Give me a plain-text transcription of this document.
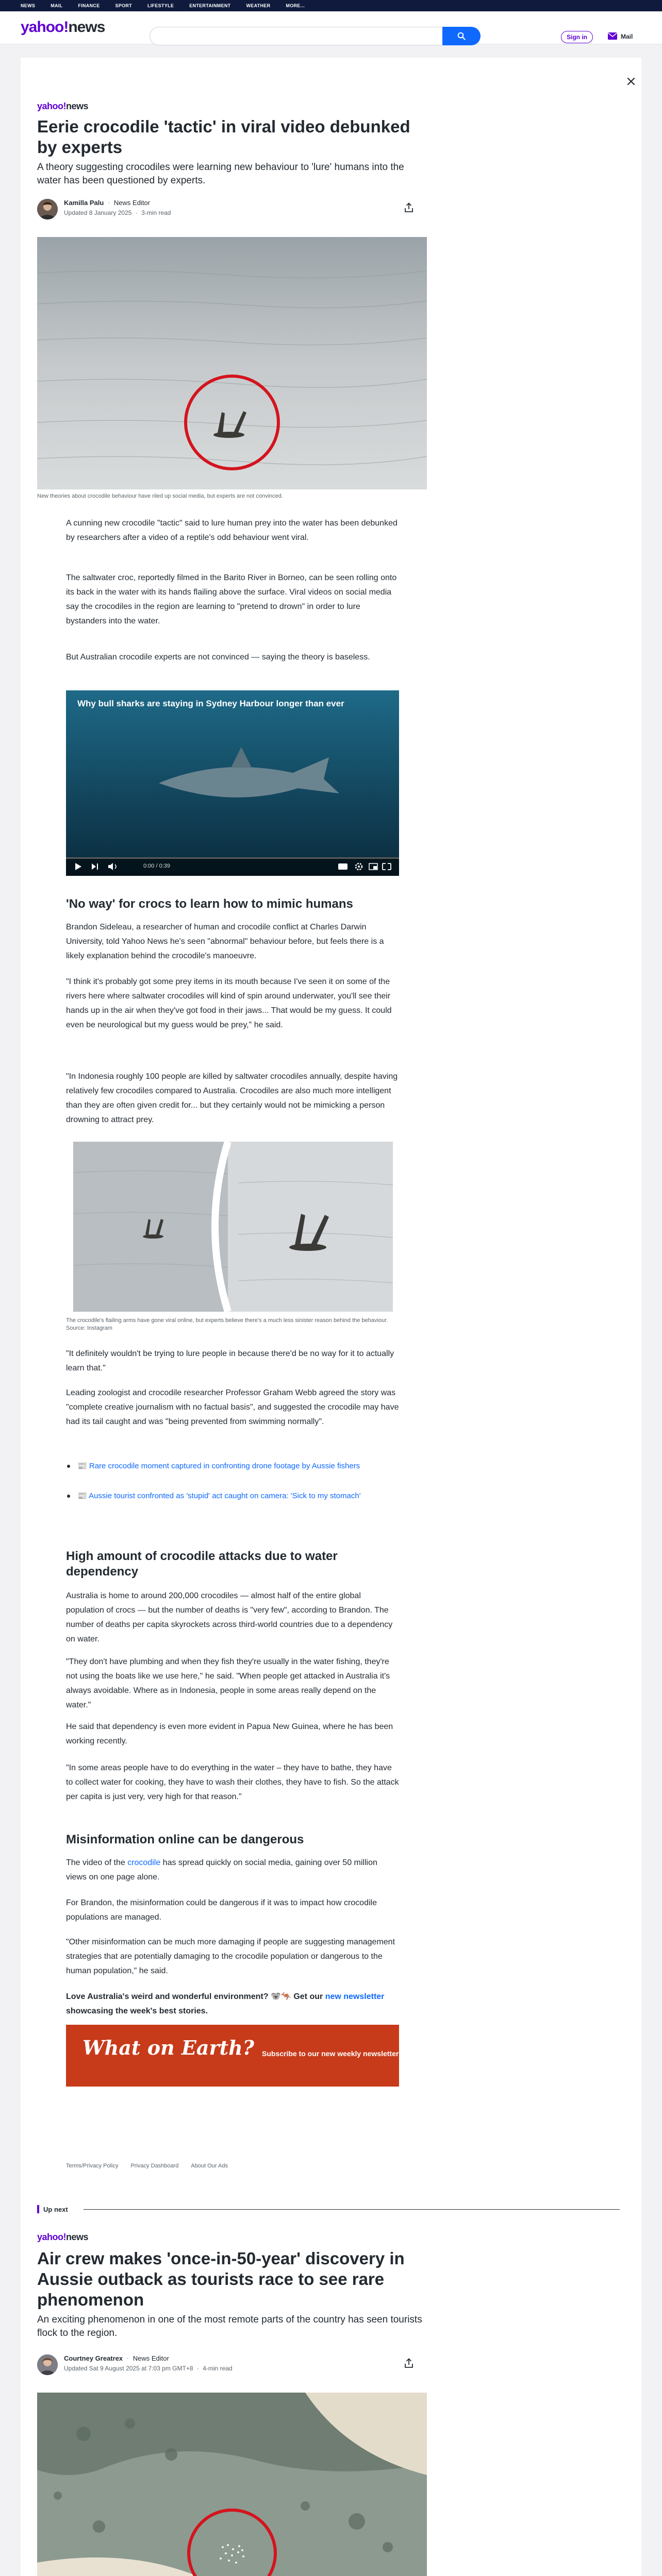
NEWS	MAIL	FINANCE	SPORT	LIFESTYLE	ENTERTAINMENT	WEATHER	MORE...
yahoo!news
Sign in	Mail
yahoo!news
Eerie crocodile 'tactic' in viral video debunked by experts
A theory suggesting crocodiles were learning new behaviour to 'lure' humans into the water has been questioned by experts.
Kamilla Palu · News Editor
Updated 8 January 2025 · 3-min read
New theories about crocodile behaviour have riled up social media, but experts are not convinced.

A cunning new crocodile "tactic" said to lure human prey into the water has been debunked by researchers after a video of a reptile's odd behaviour went viral.

The saltwater croc, reportedly filmed in the Barito River in Borneo, can be seen rolling onto its back in the water with its hands flailing above the surface. Viral videos on social media say the crocodiles in the region are learning to "pretend to drown" in order to lure bystanders into the water.

But Australian crocodile experts are not convinced — saying the theory is baseless.

Why bull sharks are staying in Sydney Harbour longer than ever
0:00 / 0:39
'No way' for crocs to learn how to mimic humans

Brandon Sideleau, a researcher of human and crocodile conflict at Charles Darwin University, told Yahoo News he's seen "abnormal" behaviour before, but feels there is a likely explanation behind the crocodile's manoeuvre.

"I think it's probably got some prey items in its mouth because I've seen it on some of the rivers here where saltwater crocodiles will kind of spin around underwater, you'll see their hands up in the air when they've got food in their jaws... That would be my guess. It could even be neurological but my guess would be prey," he said.

"In Indonesia roughly 100 people are killed by saltwater crocodiles annually, despite having relatively few crocodiles compared to Australia. Crocodiles are also much more intelligent than they are often given credit for... but they certainly would not be mimicking a person drowning to attract prey.

The crocodile's flailing arms have gone viral online, but experts believe there's a much less sinister reason behind the behaviour. Source: Instagram

"It definitely wouldn't be trying to lure people in because there'd be no way for it to actually learn that."

Leading zoologist and crocodile researcher Professor Graham Webb agreed the story was "complete creative journalism with no factual basis", and suggested the crocodile may have had its tail caught and was "being prevented from swimming normally".

📰 Rare crocodile moment captured in confronting drone footage by Aussie fishers
📰 Aussie tourist confronted as 'stupid' act caught on camera: 'Sick to my stomach'
High amount of crocodile attacks due to water dependency

Australia is home to around 200,000 crocodiles — almost half of the entire global population of crocs — but the number of deaths is "very few", according to Brandon. The number of deaths per capita skyrockets across third-world countries due to a dependency on water.

"They don't have plumbing and when they fish they're usually in the water fishing, they're not using the boats like we use here," he said. "When people get attacked in Australia it's always avoidable. Where as in Indonesia, people in some areas really depend on the water."

He said that dependency is even more evident in Papua New Guinea, where he has been working recently.

"In some areas people have to do everything in the water – they have to bathe, they have to collect water for cooking, they have to wash their clothes, they have to fish. So the attack per capita is just very, very high for that reason."

Misinformation online can be dangerous

The video of the crocodile has spread quickly on social media, gaining over 50 million views on one page alone.

For Brandon, the misinformation could be dangerous if it was to impact how crocodile populations are managed.

"Other misinformation can be much more damaging if people are suggesting management strategies that are potentially damaging to the crocodile population or dangerous to the human population," he said.

Love Australia's weird and wonderful environment? 🐨🦘 Get our new newsletter showcasing the week's best stories.

What on Earth? Subscribe to our new weekly newsletter
Terms/Privacy Policy Privacy Dashboard About Our Ads
Up next
yahoo!news
Air crew makes 'once-in-50-year' discovery in Aussie outback as tourists race to see rare phenomenon
An exciting phenomenon in one of the most remote parts of the country has seen tourists flock to the region.
Courtney Greatrex · News Editor
Updated Sat 9 August 2025 at 7:03 pm GMT+8 · 4-min read
